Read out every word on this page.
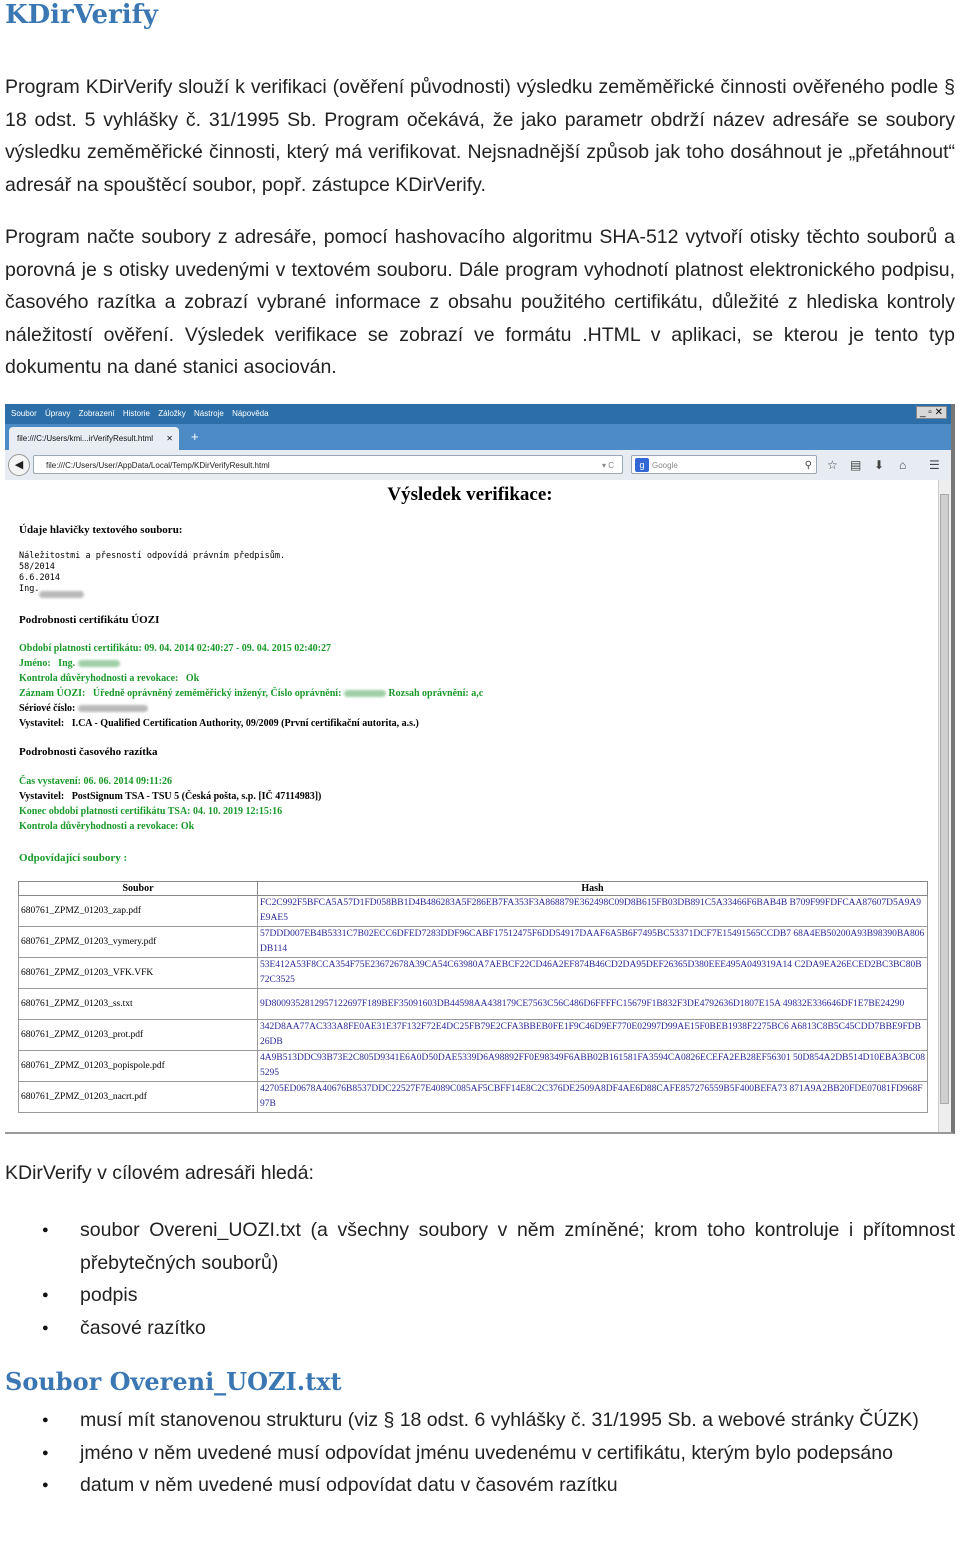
KDirVerify

Program KDirVerify slouží k verifikaci (ověření původnosti) výsledku zeměměřické činnosti ověřeného podle § 18 odst. 5 vyhlášky č. 31/1995 Sb. Program očekává, že jako parametr obdrží název adresáře se soubory výsledku zeměměřické činnosti, který má verifikovat. Nejsnadnější způsob jak toho dosáhnout je „přetáhnout“ adresář na spouštěcí soubor, popř. zástupce KDirVerify.

Program načte soubory z adresáře, pomocí hashovacího algoritmu SHA-512 vytvoří otisky těchto souborů a porovná je s otisky uvedenými v textovém souboru. Dále program vyhodnotí platnost elektronického podpisu, časového razítka a zobrazí vybrané informace z obsahu použitého certifikátu, důležité z hlediska kontroly náležitostí ověření. Výsledek verifikace se zobrazí ve formátu .HTML v aplikaci, se kterou je tento typ dokumentu na dané stanici asociován.

Soubor Úpravy Zobrazení Historie Záložky Nástroje Nápověda	_ ▫ ✕
file:///C:/Users/kmi...irVerifyResult.html ✕ +
◀	file:///C:/Users/User/AppData/Local/Temp/KDirVerifyResult.html	▾ C	g Google	⚲ ☆ ▤ ⬇ ⌂ ☰
Výsledek verifikace:
Údaje hlavičky textového souboru:
Náležitostmi a přesností odpovídá právním předpisům.
58/2014
6.6.2014
Ing.
Podrobnosti certifikátu ÚOZI
Období platnosti certifikátu: 09. 04. 2014 02:40:27 - 09. 04. 2015 02:40:27
Jméno: Ing.
Kontrola důvěryhodnosti a revokace: Ok
Záznam ÚOZI: Úředně oprávněný zeměměřický inženýr, Číslo oprávnění:	Rozsah oprávnění: a,c
Sériové číslo:
Vystavitel: I.CA - Qualified Certification Authority, 09/2009 (První certifikační autorita, a.s.)
Podrobnosti časového razítka
Čas vystavení: 06. 06. 2014 09:11:26
Vystavitel: PostSignum TSA - TSU 5 (Česká pošta, s.p. [IČ 47114983])
Konec období platnosti certifikátu TSA: 04. 10. 2019 12:15:16
Kontrola důvěryhodnosti a revokace: Ok
Odpovídající soubory :
Soubor	Hash
680761_ZPMZ_01203_zap.pdf	FC2C992F5BFCA5A57D1FD058BB1D4B486283A5F286EB7FA353F3A868879E362498C09D8B615FB03DB891C5A33466F6BAB4B B709F99FDFCAA87607D5A9A9E9AE5
680761_ZPMZ_01203_vymery.pdf	57DDD007EB4B5331C7B02ECC6DFED7283DDF96CABF17512475F6DD54917DAAF6A5B6F7495BC53371DCF7E15491565CCDB7 68A4EB50200A93B98390BA806DB114
680761_ZPMZ_01203_VFK.VFK	53E412A53F8CCA354F75E23672678A39CA54C63980A7AEBCF22CD46A2EF874B46CD2DA95DEF26365D380EEE495A049319A14 C2DA9EA26ECED2BC3BC80B72C3525
680761_ZPMZ_01203_ss.txt	9D8009352812957122697F189BEF35091603DB44598AA438179CE7563C56C486D6FFFFC15679F1B832F3DE4792636D1807E15A 49832E336646DF1E7BE24290
680761_ZPMZ_01203_prot.pdf	342D8AA77AC333A8FE0AE31E37F132F72E4DC25FB79E2CFA3BBEB0FE1F9C46D9EF770E02997D99AE15F0BEB1938F2275BC6 A6813C8B5C45CDD7BBE9FDB26DB
680761_ZPMZ_01203_popispole.pdf	4A9B513DDC93B73E2C805D9341E6A0D50DAE5339D6A98892FF0E98349F6ABB02B161581FA3594CA0826ECEFA2EB28EF56301 50D854A2DB514D10EBA3BC085295
680761_ZPMZ_01203_nacrt.pdf	42705ED0678A40676B8537DDC22527F7E4089C085AF5CBFF14E8C2C376DE2509A8DF4AE6D88CAFE857276559B5F400BEFA73 871A9A2BB20FDE07081FD968F97B

KDirVerify v cílovém adresáři hledá:

● soubor Overeni_UOZI.txt (a všechny soubory v něm zmíněné; krom toho kontroluje i přítomnost přebytečných souborů)
● podpis
● časové razítko
Soubor Overeni_UOZI.txt
● musí mít stanovenou strukturu (viz § 18 odst. 6 vyhlášky č. 31/1995 Sb. a webové stránky ČÚZK)
● jméno v něm uvedené musí odpovídat jménu uvedenému v certifikátu, kterým bylo podepsáno
● datum v něm uvedené musí odpovídat datu v časovém razítku
